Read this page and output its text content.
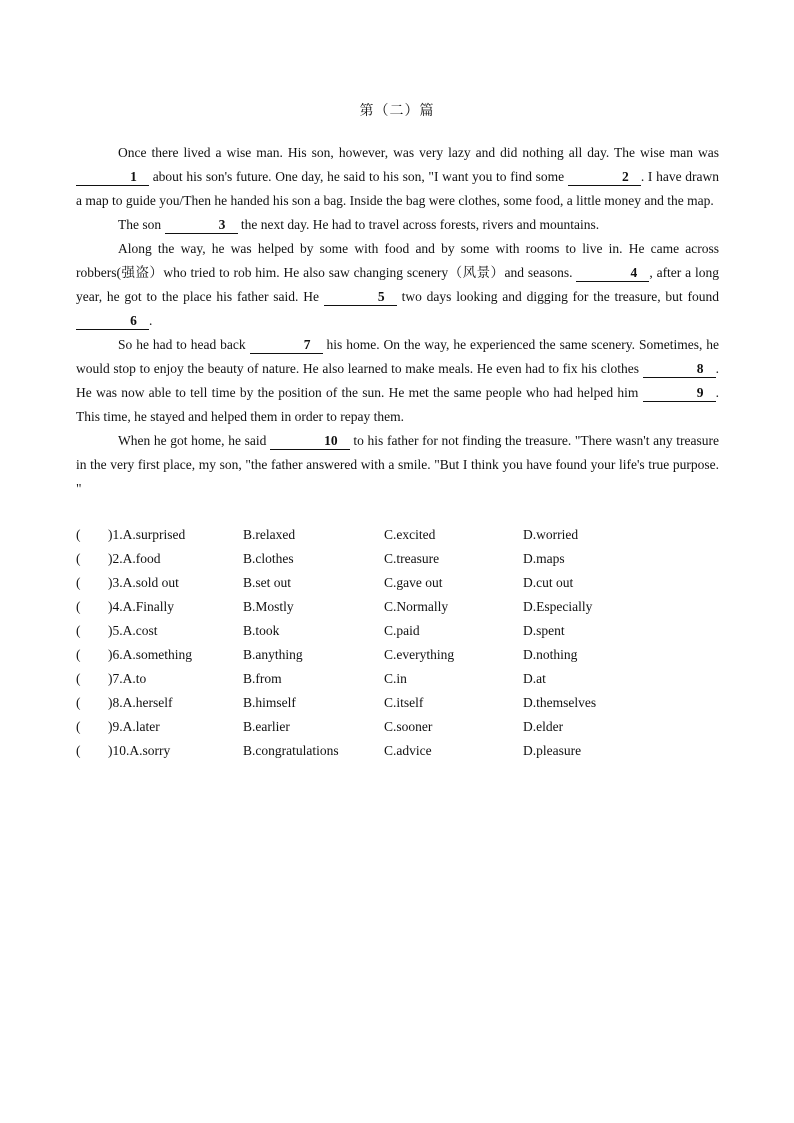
第（二）篇

Once there lived a wise man. His son, however, was very lazy and did nothing all day. The wise man was    1    about his son's future. One day, he said to his son, "I want you to find some	2   . I have drawn a map to guide you/Then he handed his son a bag. Inside the bag were clothes, some food, a little money and the map.

The son	3    the next day. He had to travel across forests, rivers and mountains.

Along the way, he was helped by some with food and by some with rooms to live in. He came across robbers(强盗）who tried to rob him. He also saw changing scenery（风景）and seasons.	4   , after a long year, he got to the place his father said. He	5    two days looking and digging for the treasure, but found    6   .

So he had to head back	7    his home. On the way, he experienced the same scenery. Sometimes, he would stop to enjoy the beauty of nature. He also learned to make meals. He even had to fix his clothes	8   . He was now able to tell time by the position of the sun. He met the same people who had helped him	9   . This time, he stayed and helped them in order to repay them.

When he got home, he said	10    to his father for not finding the treasure. "There wasn't any treasure in the very first place, my son, "the father answered with a smile. "But I think you have found your life's true purpose. "

( )1.A.surprised	B.relaxed	C.excited	D.worried
( )2.A.food	B.clothes	C.treasure	D.maps
( )3.A.sold out	B.set out	C.gave out	D.cut out
( )4.A.Finally	B.Mostly	C.Normally	D.Especially
( )5.A.cost	B.took	C.paid	D.spent
( )6.A.something	B.anything	C.everything	D.nothing
( )7.A.to	B.from	C.in	D.at
( )8.A.herself	B.himself	C.itself	D.themselves
( )9.A.later	B.earlier	C.sooner	D.elder
( )10.A.sorry	B.congratulations	C.advice	D.pleasure
